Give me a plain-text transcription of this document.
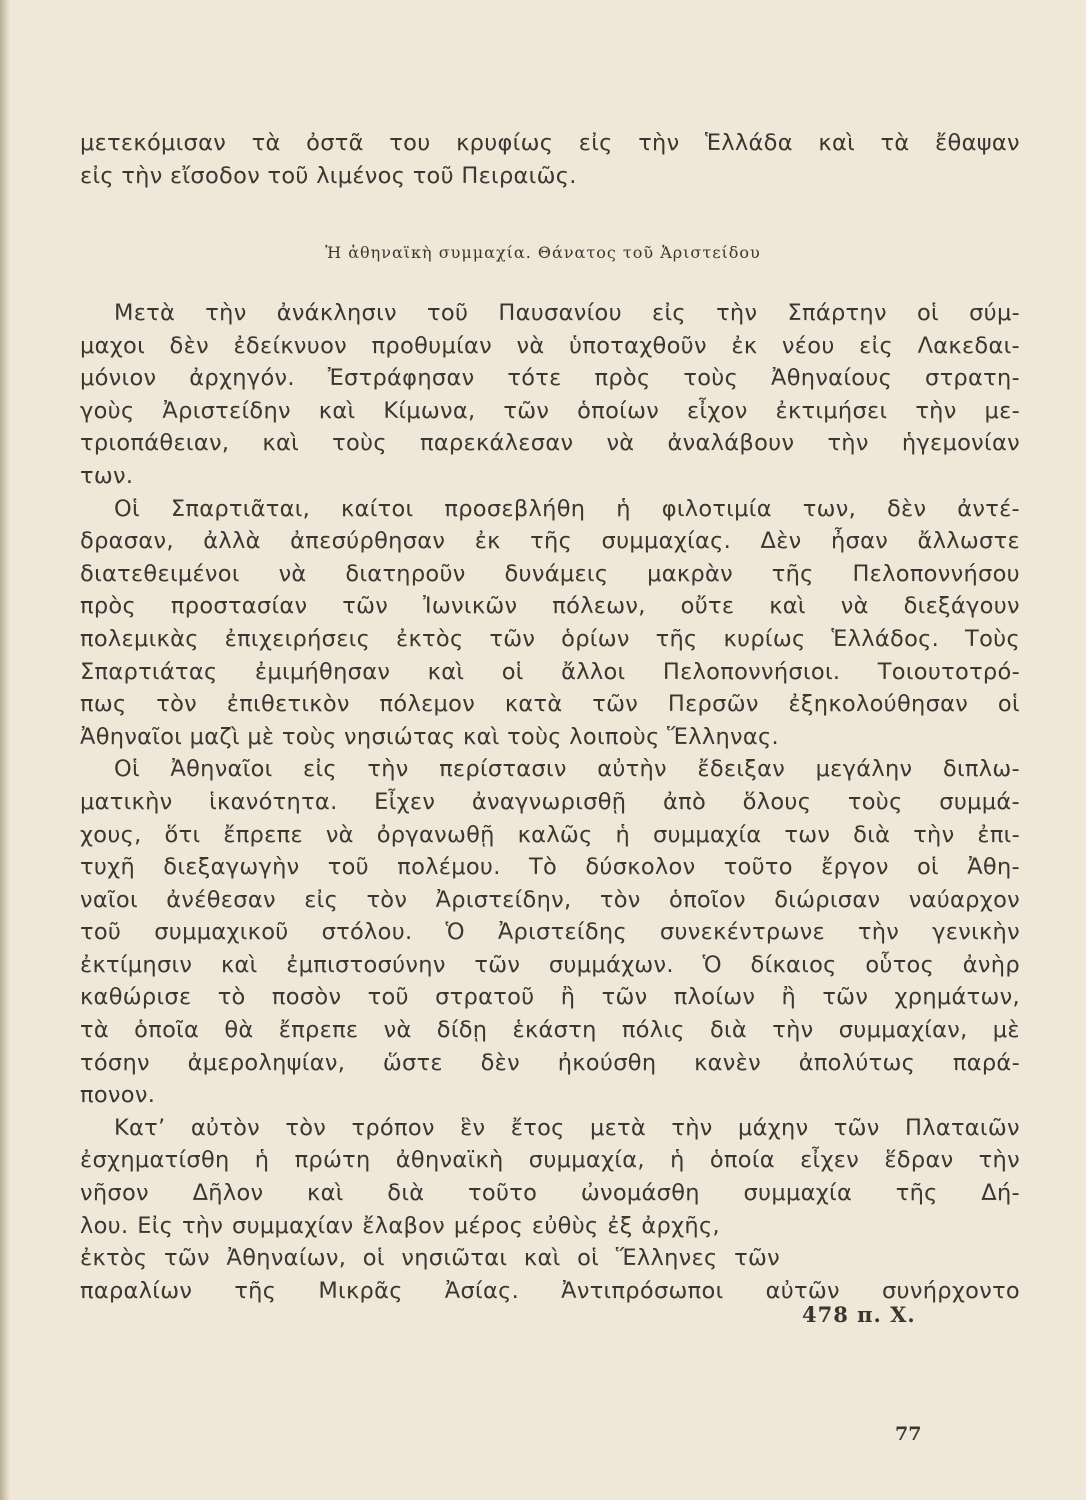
μετεκόμισαν τὰ ὀστᾶ του κρυφίως εἰς τὴν Ἑλλάδα καὶ τὰ ἔθαψαν
εἰς τὴν εἴσοδον τοῦ λιμένος τοῦ Πειραιῶς.
Ἡ ἀθηναϊκὴ συμμαχία. Θάνατος τοῦ Ἀριστείδου
Μετὰ τὴν ἀνάκλησιν τοῦ Παυσανίου εἰς τὴν Σπάρτην οἱ σύμ-
μαχοι δὲν ἐδείκνυον προθυμίαν νὰ ὑποταχθοῦν ἐκ νέου εἰς Λακεδαι-
μόνιον ἀρχηγόν. Ἐστράφησαν τότε πρὸς τοὺς Ἀθηναίους στρατη-
γοὺς Ἀριστείδην καὶ Κίμωνα, τῶν ὁποίων εἶχον ἐκτιμήσει τὴν με-
τριοπάθειαν, καὶ τοὺς παρεκάλεσαν νὰ ἀναλάβουν τὴν ἡγεμονίαν
των.
Οἱ Σπαρτιᾶται, καίτοι προσεβλήθη ἡ φιλοτιμία των, δὲν ἀντέ-
δρασαν, ἀλλὰ ἀπεσύρθησαν ἐκ τῆς συμμαχίας. Δὲν ἦσαν ἄλλωστε
διατεθειμένοι νὰ διατηροῦν δυνάμεις μακρὰν τῆς Πελοποννήσου
πρὸς προστασίαν τῶν Ἰωνικῶν πόλεων, οὔτε καὶ νὰ διεξάγουν
πολεμικὰς ἐπιχειρήσεις ἐκτὸς τῶν ὁρίων τῆς κυρίως Ἑλλάδος. Τοὺς
Σπαρτιάτας ἐμιμήθησαν καὶ οἱ ἄλλοι Πελοποννήσιοι. Τοιουτοτρό-
πως τὸν ἐπιθετικὸν πόλεμον κατὰ τῶν Περσῶν ἐξηκολούθησαν οἱ
Ἀθηναῖοι μαζὶ μὲ τοὺς νησιώτας καὶ τοὺς λοιποὺς Ἕλληνας.
Οἱ Ἀθηναῖοι εἰς τὴν περίστασιν αὐτὴν ἔδειξαν μεγάλην διπλω-
ματικὴν ἱκανότητα. Εἶχεν ἀναγνωρισθῇ ἀπὸ ὅλους τοὺς συμμά-
χους, ὅτι ἔπρεπε νὰ ὀργανωθῇ καλῶς ἡ συμμαχία των διὰ τὴν ἐπι-
τυχῆ διεξαγωγὴν τοῦ πολέμου. Τὸ δύσκολον τοῦτο ἔργον οἱ Ἀθη-
ναῖοι ἀνέθεσαν εἰς τὸν Ἀριστείδην, τὸν ὁποῖον διώρισαν ναύαρχον
τοῦ συμμαχικοῦ στόλου. Ὁ Ἀριστείδης συνεκέντρωνε τὴν γενικὴν
ἐκτίμησιν καὶ ἐμπιστοσύνην τῶν συμμάχων. Ὁ δίκαιος οὗτος ἀνὴρ
καθώρισε τὸ ποσὸν τοῦ στρατοῦ ἢ τῶν πλοίων ἢ τῶν χρημάτων,
τὰ ὁποῖα θὰ ἔπρεπε νὰ δίδῃ ἑκάστη πόλις διὰ τὴν συμμαχίαν, μὲ
τόσην ἀμεροληψίαν, ὥστε δὲν ἠκούσθη κανὲν ἀπολύτως παρά-
πονον.
Κατ’ αὐτὸν τὸν τρόπον ἓν ἔτος μετὰ τὴν μάχην τῶν Πλαταιῶν
ἐσχηματίσθη ἡ πρώτη ἀθηναϊκὴ συμμαχία, ἡ ὁποία εἶχεν ἕδραν τὴν
νῆσον Δῆλον καὶ διὰ τοῦτο ὠνομάσθη συμμαχία τῆς Δή-
λου. Εἰς τὴν συμμαχίαν ἔλαβον μέρος εὐθὺς ἐξ ἀρχῆς,
ἐκτὸς τῶν Ἀθηναίων, οἱ νησιῶται καὶ οἱ Ἕλληνες τῶν
παραλίων τῆς Μικρᾶς Ἀσίας. Ἀντιπρόσωποι αὐτῶν συνήρχοντο
478 π. Χ.
77
